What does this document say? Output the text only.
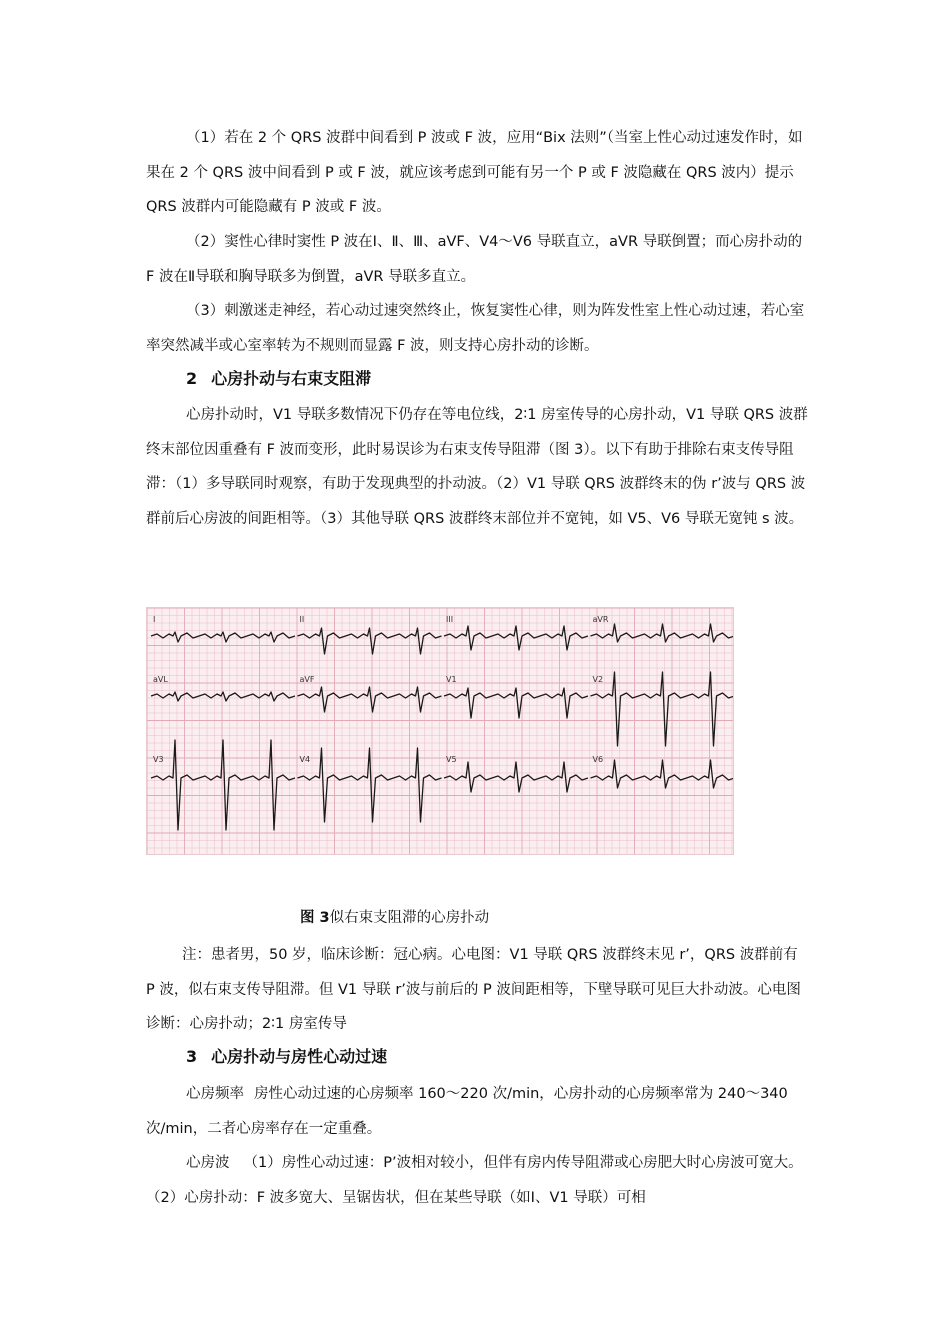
（1）若在 2 个 QRS 波群中间看到 P 波或 F 波，应用“Bix 法则”（当室上性心动过速发作时，如果在 2 个 QRS 波中间看到 P 或 F 波，就应该考虑到可能有另一个 P 或 F 波隐藏在 QRS 波内）提示 QRS 波群内可能隐藏有 P 波或 F 波。

（2）窦性心律时窦性 P 波在Ⅰ、Ⅱ、Ⅲ、aVF、V4～V6 导联直立，aVR 导联倒置；而心房扑动的 F 波在Ⅱ导联和胸导联多为倒置，aVR 导联多直立。

（3）刺激迷走神经，若心动过速突然终止，恢复窦性心律，则为阵发性室上性心动过速，若心室率突然减半或心室率转为不规则而显露 F 波，则支持心房扑动的诊断。

2 心房扑动与右束支阻滞

心房扑动时，V1 导联多数情况下仍存在等电位线，2∶1 房室传导的心房扑动，V1 导联 QRS 波群终末部位因重叠有 F 波而变形，此时易误诊为右束支传导阻滞（图 3）。以下有助于排除右束支传导阻滞：（1）多导联同时观察，有助于发现典型的扑动波。（2）V1 导联 QRS 波群终末的伪 r’波与 QRS 波群前后心房波的间距相等。（3）其他导联 QRS 波群终末部位并不宽钝，如 V5、V6 导联无宽钝 s 波。

I	II	III	aVR
aVL	aVF	V1	V2
V3	V4	V5	V6
图 3似右束支阻滞的心房扑动

注：患者男，50 岁，临床诊断：冠心病。心电图：V1 导联 QRS 波群终末见 r’，QRS 波群前有 P 波，似右束支传导阻滞。但 V1 导联 r’波与前后的 P 波间距相等，下壁导联可见巨大扑动波。心电图诊断：心房扑动；2∶1 房室传导

3 心房扑动与房性心动过速

心房频率 房性心动过速的心房频率 160～220 次/min，心房扑动的心房频率常为 240～340 次/min，二者心房率存在一定重叠。

心房波 （1）房性心动过速：P’波相对较小，但伴有房内传导阻滞或心房肥大时心房波可宽大。（2）心房扑动：F 波多宽大、呈锯齿状，但在某些导联（如Ⅰ、V1 导联）可相
